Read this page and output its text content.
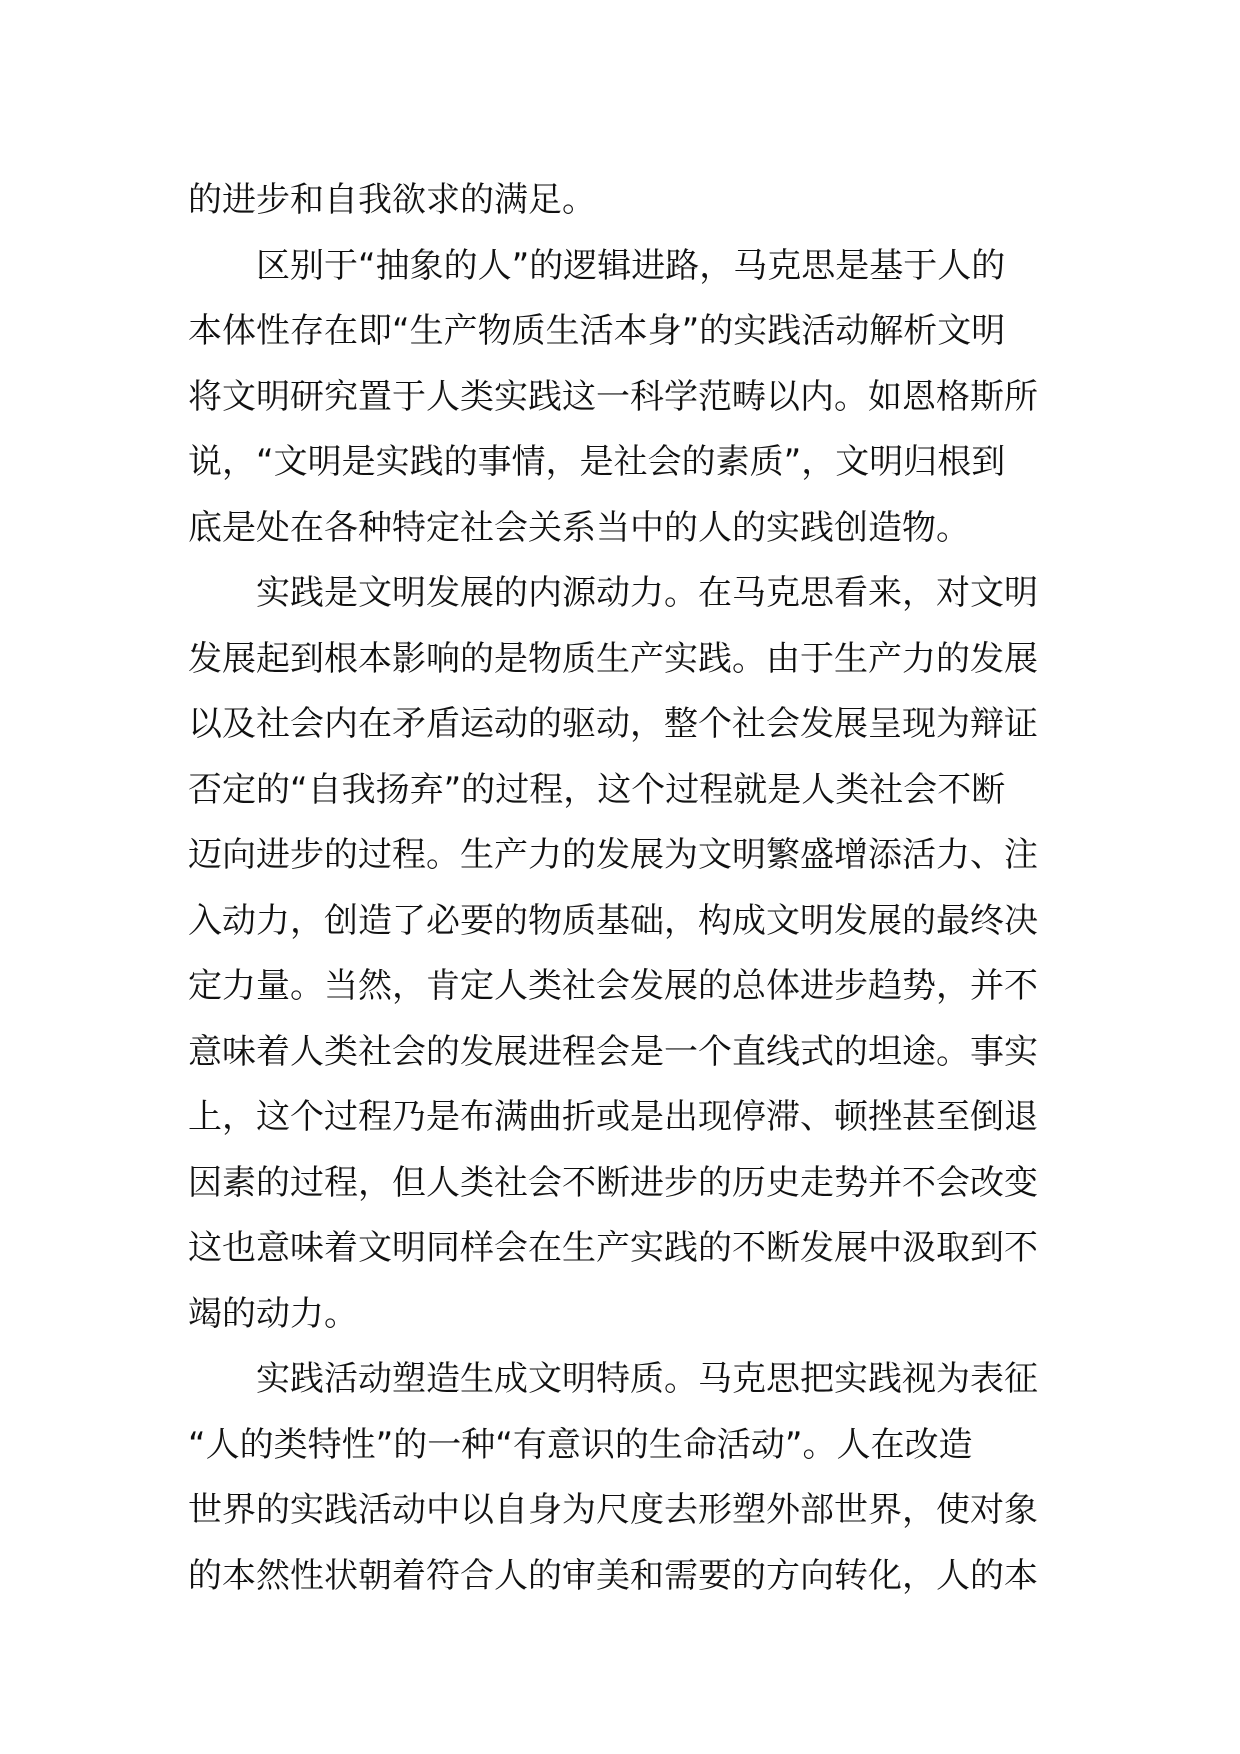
的进步和自我欲求的满足。
区别于“抽象的人”的逻辑进路，马克思是基于人的
本体性存在即“生产物质生活本身”的实践活动解析文明
将文明研究置于人类实践这一科学范畴以内。如恩格斯所
说，“文明是实践的事情，是社会的素质”，文明归根到
底是处在各种特定社会关系当中的人的实践创造物。
实践是文明发展的内源动力。在马克思看来，对文明
发展起到根本影响的是物质生产实践。由于生产力的发展
以及社会内在矛盾运动的驱动，整个社会发展呈现为辩证
否定的“自我扬弃”的过程，这个过程就是人类社会不断
迈向进步的过程。生产力的发展为文明繁盛增添活力、注
入动力，创造了必要的物质基础，构成文明发展的最终决
定力量。当然，肯定人类社会发展的总体进步趋势，并不
意味着人类社会的发展进程会是一个直线式的坦途。事实
上，这个过程乃是布满曲折或是出现停滞、顿挫甚至倒退
因素的过程，但人类社会不断进步的历史走势并不会改变
这也意味着文明同样会在生产实践的不断发展中汲取到不
竭的动力。
实践活动塑造生成文明特质。马克思把实践视为表征
“人的类特性”的一种“有意识的生命活动”。人在改造
世界的实践活动中以自身为尺度去形塑外部世界，使对象
的本然性状朝着符合人的审美和需要的方向转化，人的本
